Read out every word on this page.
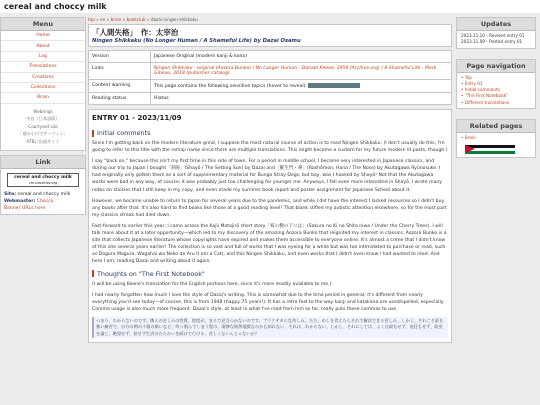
cereal and choccy milk
Menu
Home
About
Log
Translations
Creations
Collections
Brain
Webrings
中自（日本語版）
Courtyard Lilo
「週の小川でサーフィン」
ATBに出展サイト
Link
cereal and choccy milk
cm.neocities.org
Site: cereal and choccy milk
Webmaster: Choccy
Banner URLs here
top » en » brain » bookclub » dazai-ningen-shikkaku
「人間失格」　作：太宰治
Ningen Shikkaku (No Longer Human / A Shameful Life) by Dazai Osamu
Version	Japanese Original (modern kanji & kana)
Links	Ningen Shikkaku - original (Aozora Bunko) / No Longer Human - Donald Keene, 1958 (Archive.org) / A Shameful Life - Mark Gibeau, 2018 (publisher catalog)
Content warning	This page contains the following sensitive topics (hover to reveal):
Reading status	Hiatus
ENTRY 01 - 2023/11/09
Initial comments

Since I'm getting back on the modern literature grind, I suppose the most natural course of action is to read Ningen Shikkaku. (I don't usually do this, I'm going to refer to this title with the romaji name since there are multiple translations. This might become a custom for my future modern lit posts, though.)

I say "back on," because this isn't my first time in this side of town. For a period in middle school, I became very interested in Japanese classics, and during our trip to Japan I bought「斜陽」(Shayō / The Setting Sun) by Dazai and「羅生門・鼻」(Rashōmon, Hana / The Nose) by Akutagawa Ryūnosuke. I had originally only gotten them as a sort of supplementary material for Bungo Stray Dogs, but boy, was I hooked by Shayō! Not that the Akutagawa works were bad in any way, of course; it was probably just too challenging for younger me. Anyways, I fell even more interested in Shayō. I wrote many notes on stickies that I still keep in my copy, and even made my summer book report and poster assignment for Japanese School about it.

However, we became unable to return to Japan for several years due to the pandemic, and while I did have the interest I lacked resources so I didn't buy any books after that. It's also hard to find books like those at a good reading level! That blank stifled my autistic attention elsewhere, so for the most part my classics streak had died down.

Fast-forward to earlier this year; I came across the Kajii Motojirō short story「桜の樹の下には」(Sakura no Ki no Shita niwa / Under the Cherry Trees). I will talk more about it at a later opportunity—which led to my discovery of the amazing Aozora Bunko that reignited my interest in classics. Aozora Bunko is a site that collects Japanese literature whose copyrights have expired and makes them accessible to everyone online. It's almost a crime that I didn't know of this site several years earlier! The collection is so vast and full of works that I was eyeing for a while but was too intimidated to purchase or read, such as Dogura Magura, Wagahai wa Neko de Aru (I am a Cat), and this Ningen Shikkaku, and even works that I didn't even know I had wanted to read. And here I am, reading Dazai and writing about it again.

Thoughts on "The First Notebook"

(I will be using Keene's translation for the English portions here, since it's more readily available to me.)

I had nearly forgotten how much I love the style of Dazai's writing. This is somewhat due to the time period in general; it's different from nearly everything you'd see today—of course, this is from 1948 (happy 75 years!). It has a retro feel to the way kanji and katakana are used/spelled, especially. Comma usage is also much more frequent. Dazai's style, at least in what I've read from him so far, really puts these commas to use.

つまり、わからないのです。隣人の苦しみの性質、程度が、まるで見当つかないのです。プラクテカルな苦しみ、ただ、めしを食えたらそれで解決できる苦しみ、しかし、それこそ最も強い痛苦で、自分の例の十個の禍いなど、吹っ飛んでしまう程の、凄惨な阿鼻地獄なのかも知れない、それは、わからない、しかし、それにしては、よく自殺もせず、発狂もせず、政党を論じ、絶望せず、屈せず生活のたたかいを続けて行ける、苦しくないんじゃないか？
Updates
2023.11.10 - Revised entry 01
2023.11.09 - Posted entry 01
Page navigation
• Top
• Entry 01
• Initial comments
• "The First Notebook"
• Different translations
Related pages
• Brain
